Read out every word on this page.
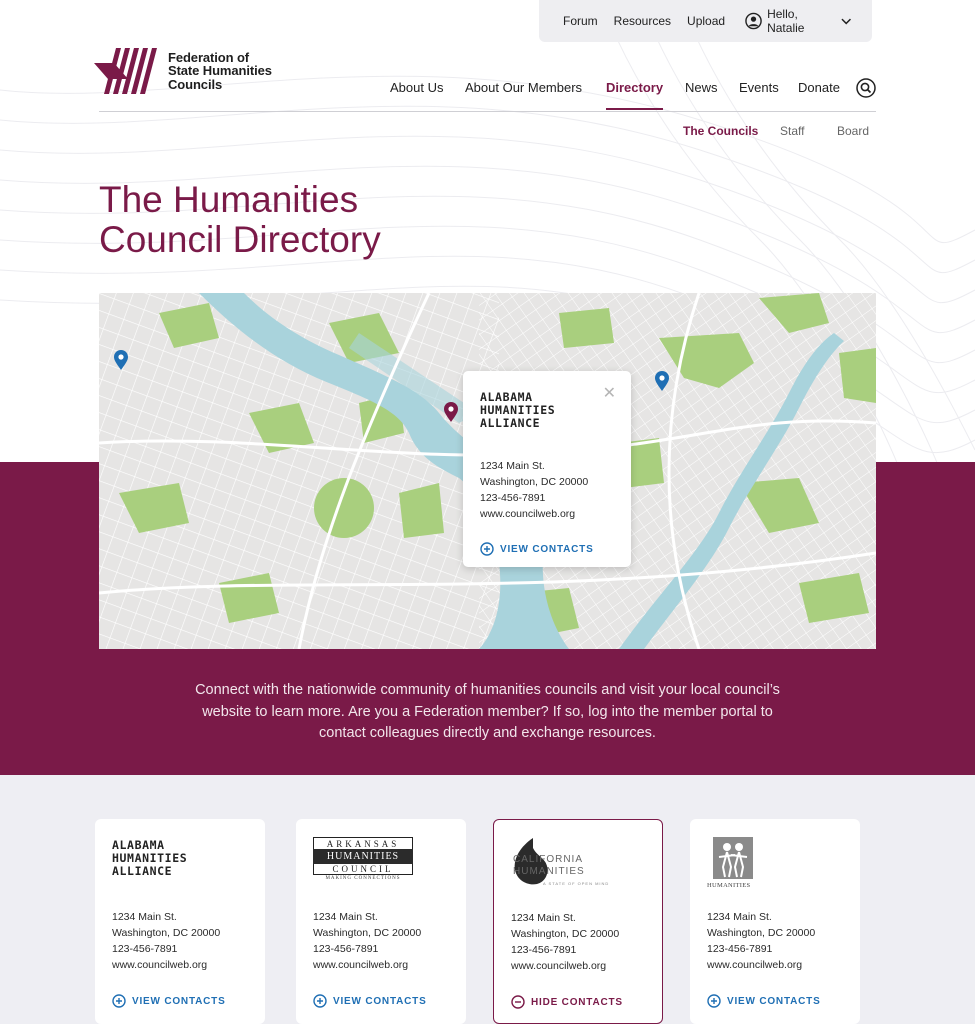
Forum Resources Upload	Hello, Natalie
Federation of
State Humanities
Councils	About Us About Our Members Directory News Events Donate
The Councils Staff	Board
The Humanities
Council Directory
✕
ALABAMA
HUMANITIES
ALLIANCE
1234 Main St.
Washington, DC 20000
123-456-7891
www.councilweb.org
VIEW CONTACTS

Connect with the nationwide community of humanities councils and visit your local council’s website to learn more. Are you a Federation member? If so, log into the member portal to contact colleagues directly and exchange resources.

ALABAMA
HUMANITIES
ALLIANCE
1234 Main St.
Washington, DC 20000
123-456-7891
www.councilweb.org
VIEW CONTACTS
ARKANSAS
HUMANITIES
COUNCIL
MAKING CONNECTIONS
1234 Main St.
Washington, DC 20000
123-456-7891
www.councilweb.org
VIEW CONTACTS
CALIFORNIA
HUMANITIES
A STATE OF OPEN MIND
1234 Main St.
Washington, DC 20000
123-456-7891
www.councilweb.org
HIDE CONTACTS
HUMANITIES
1234 Main St.
Washington, DC 20000
123-456-7891
www.councilweb.org
VIEW CONTACTS
